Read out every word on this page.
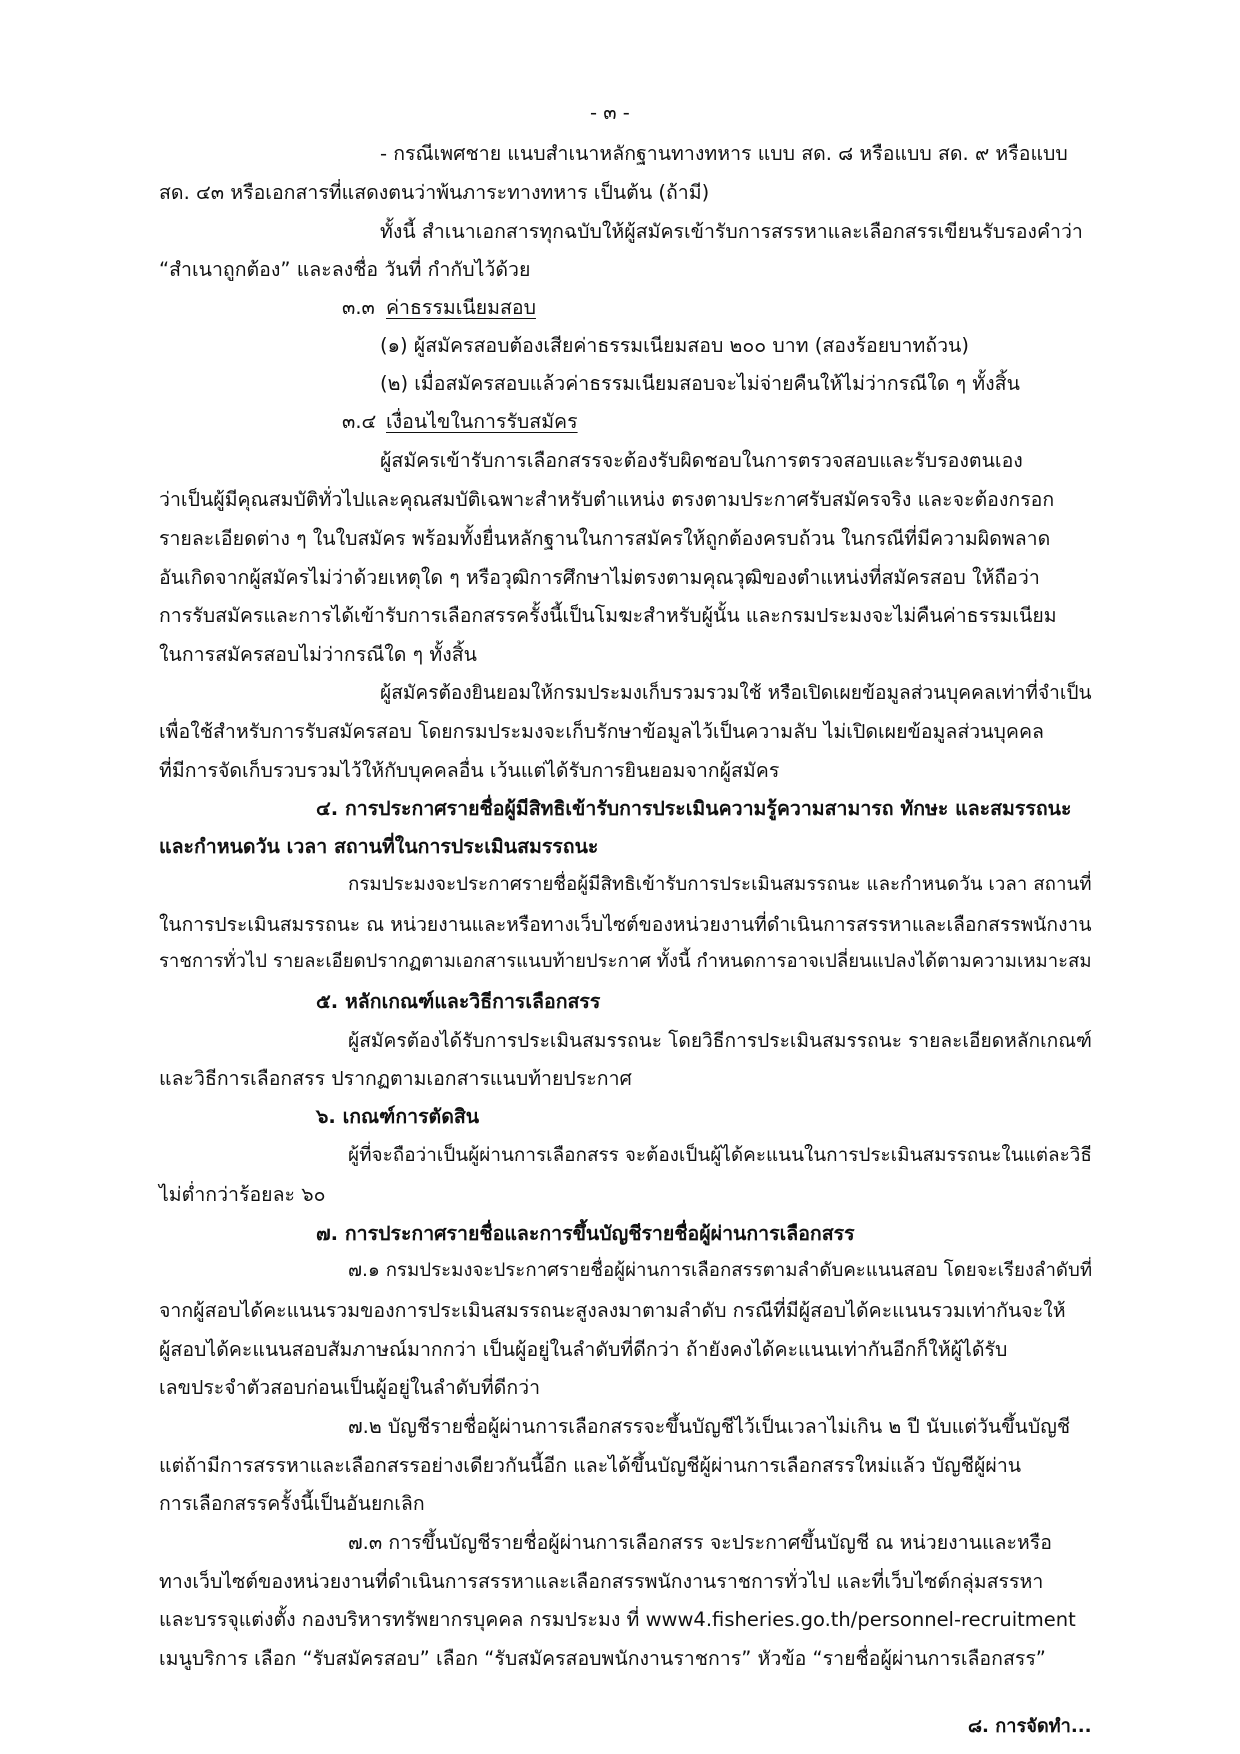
- ๓ -
- กรณีเพศชาย แนบสำเนาหลักฐานทางทหาร แบบ สด. ๘ หรือแบบ สด. ๙ หรือแบบ
สด. ๔๓ หรือเอกสารที่แสดงตนว่าพ้นภาระทางทหาร เป็นต้น (ถ้ามี)
ทั้งนี้ สำเนาเอกสารทุกฉบับให้ผู้สมัครเข้ารับการสรรหาและเลือกสรรเขียนรับรองคำว่า
“สำเนาถูกต้อง” และลงชื่อ วันที่ กำกับไว้ด้วย
๓.๓ ค่าธรรมเนียมสอบ
(๑) ผู้สมัครสอบต้องเสียค่าธรรมเนียมสอบ ๒๐๐ บาท (สองร้อยบาทถ้วน)
(๒) เมื่อสมัครสอบแล้วค่าธรรมเนียมสอบจะไม่จ่ายคืนให้ไม่ว่ากรณีใด ๆ ทั้งสิ้น
๓.๔ เงื่อนไขในการรับสมัคร
ผู้สมัครเข้ารับการเลือกสรรจะต้องรับผิดชอบในการตรวจสอบและรับรองตนเอง
ว่าเป็นผู้มีคุณสมบัติทั่วไปและคุณสมบัติเฉพาะสำหรับตำแหน่ง ตรงตามประกาศรับสมัครจริง และจะต้องกรอก
รายละเอียดต่าง ๆ ในใบสมัคร พร้อมทั้งยื่นหลักฐานในการสมัครให้ถูกต้องครบถ้วน ในกรณีที่มีความผิดพลาด
อันเกิดจากผู้สมัครไม่ว่าด้วยเหตุใด ๆ หรือวุฒิการศึกษาไม่ตรงตามคุณวุฒิของตำแหน่งที่สมัครสอบ ให้ถือว่า
การรับสมัครและการได้เข้ารับการเลือกสรรครั้งนี้เป็นโมฆะสำหรับผู้นั้น และกรมประมงจะไม่คืนค่าธรรมเนียม
ในการสมัครสอบไม่ว่ากรณีใด ๆ ทั้งสิ้น
ผู้สมัครต้องยินยอมให้กรมประมงเก็บรวมรวมใช้ หรือเปิดเผยข้อมูลส่วนบุคคลเท่าที่จำเป็น
เพื่อใช้สำหรับการรับสมัครสอบ โดยกรมประมงจะเก็บรักษาข้อมูลไว้เป็นความลับ ไม่เปิดเผยข้อมูลส่วนบุคคล
ที่มีการจัดเก็บรวบรวมไว้ให้กับบุคคลอื่น เว้นแต่ได้รับการยินยอมจากผู้สมัคร
๔. การประกาศรายชื่อผู้มีสิทธิเข้ารับการประเมินความรู้ความสามารถ ทักษะ และสมรรถนะ
และกำหนดวัน เวลา สถานที่ในการประเมินสมรรถนะ
กรมประมงจะประกาศรายชื่อผู้มีสิทธิเข้ารับการประเมินสมรรถนะ และกำหนดวัน เวลา สถานที่
ในการประเมินสมรรถนะ ณ หน่วยงานและหรือทางเว็บไซต์ของหน่วยงานที่ดำเนินการสรรหาและเลือกสรรพนักงาน
ราชการทั่วไป รายละเอียดปรากฏตามเอกสารแนบท้ายประกาศ ทั้งนี้ กำหนดการอาจเปลี่ยนแปลงได้ตามความเหมาะสม
๕. หลักเกณฑ์และวิธีการเลือกสรร
ผู้สมัครต้องได้รับการประเมินสมรรถนะ โดยวิธีการประเมินสมรรถนะ รายละเอียดหลักเกณฑ์
และวิธีการเลือกสรร ปรากฏตามเอกสารแนบท้ายประกาศ
๖. เกณฑ์การตัดสิน
ผู้ที่จะถือว่าเป็นผู้ผ่านการเลือกสรร จะต้องเป็นผู้ได้คะแนนในการประเมินสมรรถนะในแต่ละวิธี
ไม่ต่ำกว่าร้อยละ ๖๐
๗. การประกาศรายชื่อและการขึ้นบัญชีรายชื่อผู้ผ่านการเลือกสรร
๗.๑ กรมประมงจะประกาศรายชื่อผู้ผ่านการเลือกสรรตามลำดับคะแนนสอบ โดยจะเรียงลำดับที่
จากผู้สอบได้คะแนนรวมของการประเมินสมรรถนะสูงลงมาตามลำดับ กรณีที่มีผู้สอบได้คะแนนรวมเท่ากันจะให้
ผู้สอบได้คะแนนสอบสัมภาษณ์มากกว่า เป็นผู้อยู่ในลำดับที่ดีกว่า ถ้ายังคงได้คะแนนเท่ากันอีกก็ให้ผู้ได้รับ
เลขประจำตัวสอบก่อนเป็นผู้อยู่ในลำดับที่ดีกว่า
๗.๒ บัญชีรายชื่อผู้ผ่านการเลือกสรรจะขึ้นบัญชีไว้เป็นเวลาไม่เกิน ๒ ปี นับแต่วันขึ้นบัญชี
แต่ถ้ามีการสรรหาและเลือกสรรอย่างเดียวกันนี้อีก และได้ขึ้นบัญชีผู้ผ่านการเลือกสรรใหม่แล้ว บัญชีผู้ผ่าน
การเลือกสรรครั้งนี้เป็นอันยกเลิก
๗.๓ การขึ้นบัญชีรายชื่อผู้ผ่านการเลือกสรร จะประกาศขึ้นบัญชี ณ หน่วยงานและหรือ
ทางเว็บไซต์ของหน่วยงานที่ดำเนินการสรรหาและเลือกสรรพนักงานราชการทั่วไป และที่เว็บไซต์กลุ่มสรรหา
และบรรจุแต่งตั้ง กองบริหารทรัพยากรบุคคล กรมประมง ที่ www4.fisheries.go.th/personnel-recruitment
เมนูบริการ เลือก “รับสมัครสอบ” เลือก “รับสมัครสอบพนักงานราชการ” หัวข้อ “รายชื่อผู้ผ่านการเลือกสรร”
๘. การจัดทำ...
